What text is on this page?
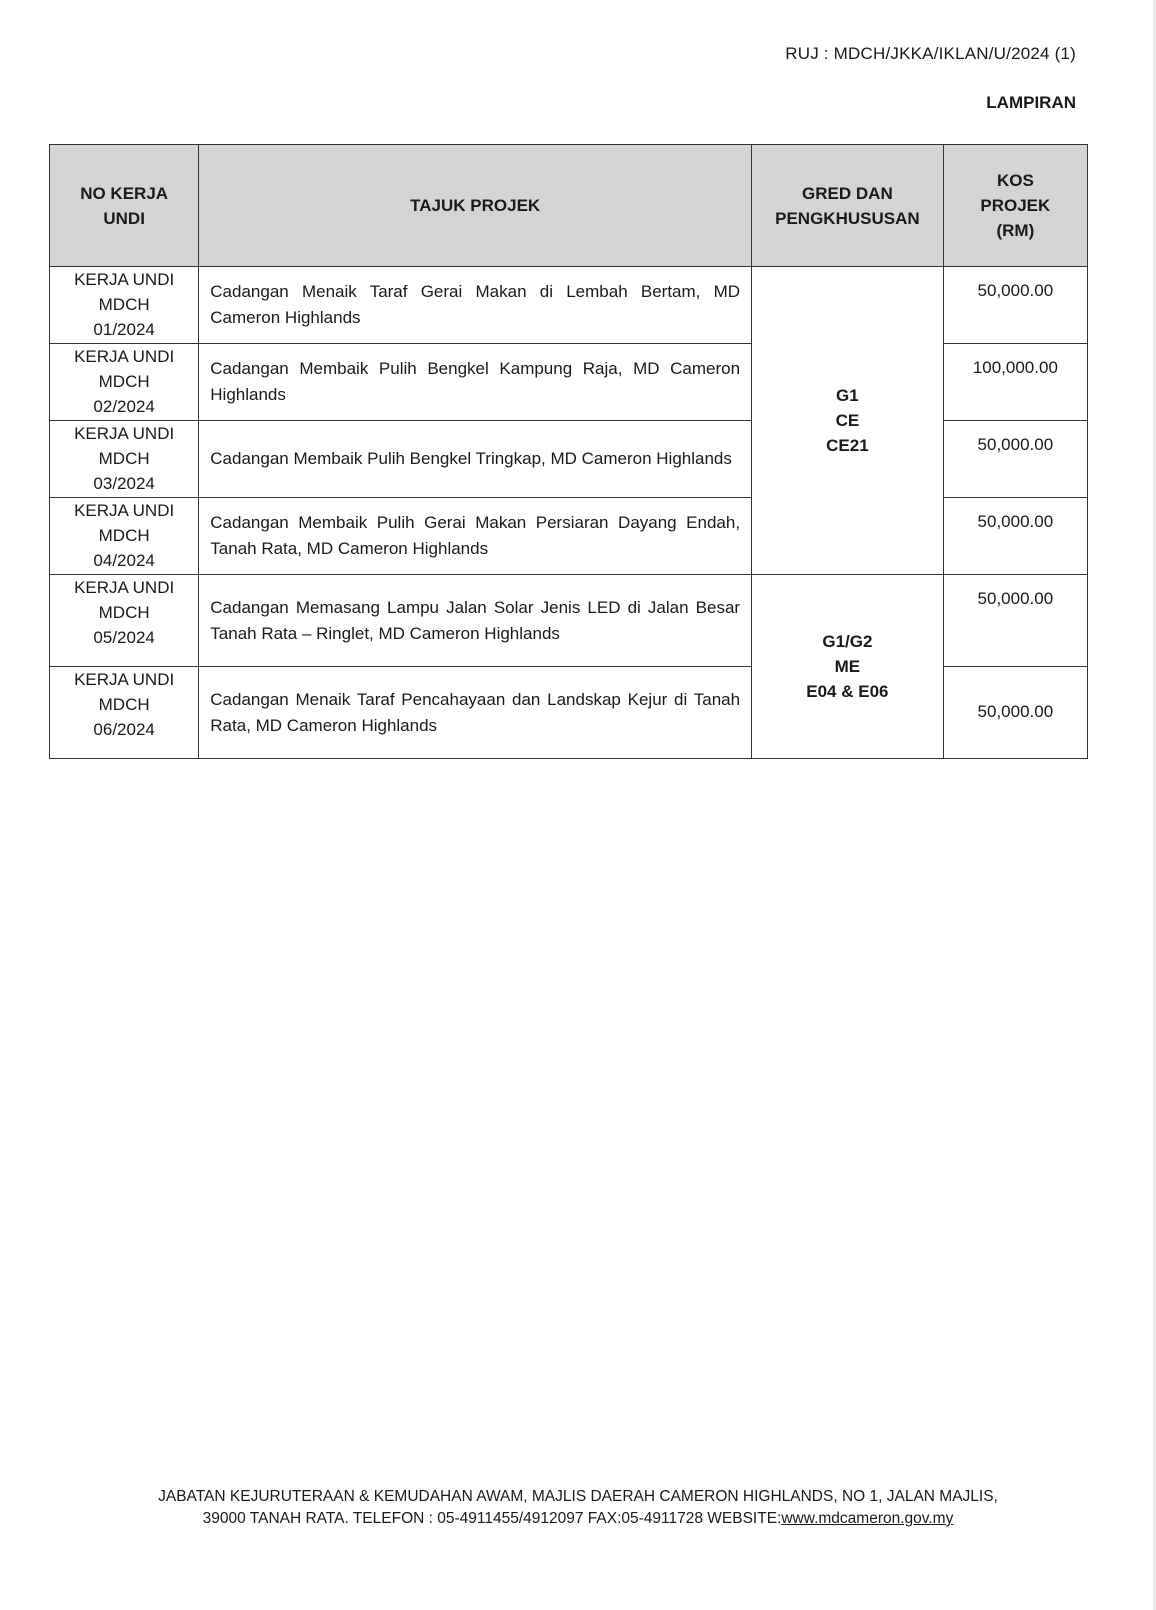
RUJ : MDCH/JKKA/IKLAN/U/2024 (1)
LAMPIRAN
NO KERJA
UNDI	TAJUK PROJEK	GRED DAN
PENGKHUSUSAN	KOS
PROJEK
(RM)
KERJA UNDI
MDCH
01/2024	Cadangan Menaik Taraf Gerai Makan di Lembah Bertam, MD Cameron Highlands	G1
CE
CE21	50,000.00
KERJA UNDI
MDCH
02/2024	Cadangan Membaik Pulih Bengkel Kampung Raja, MD Cameron Highlands		100,000.00
KERJA UNDI
MDCH
03/2024	Cadangan Membaik Pulih Bengkel Tringkap, MD Cameron Highlands		50,000.00
KERJA UNDI
MDCH
04/2024	Cadangan Membaik Pulih Gerai Makan Persiaran Dayang Endah, Tanah Rata, MD Cameron Highlands		50,000.00
KERJA UNDI
MDCH
05/2024	Cadangan Memasang Lampu Jalan Solar Jenis LED di Jalan Besar Tanah Rata – Ringlet, MD Cameron Highlands	G1/G2
ME
E04 & E06	50,000.00
KERJA UNDI
MDCH
06/2024	Cadangan Menaik Taraf Pencahayaan dan Landskap Kejur di Tanah Rata, MD Cameron Highlands		50,000.00
JABATAN KEJURUTERAAN & KEMUDAHAN AWAM, MAJLIS DAERAH CAMERON HIGHLANDS, NO 1, JALAN MAJLIS,
39000 TANAH RATA. TELEFON : 05-4911455/4912097 FAX:05-4911728 WEBSITE:www.mdcameron.gov.my
